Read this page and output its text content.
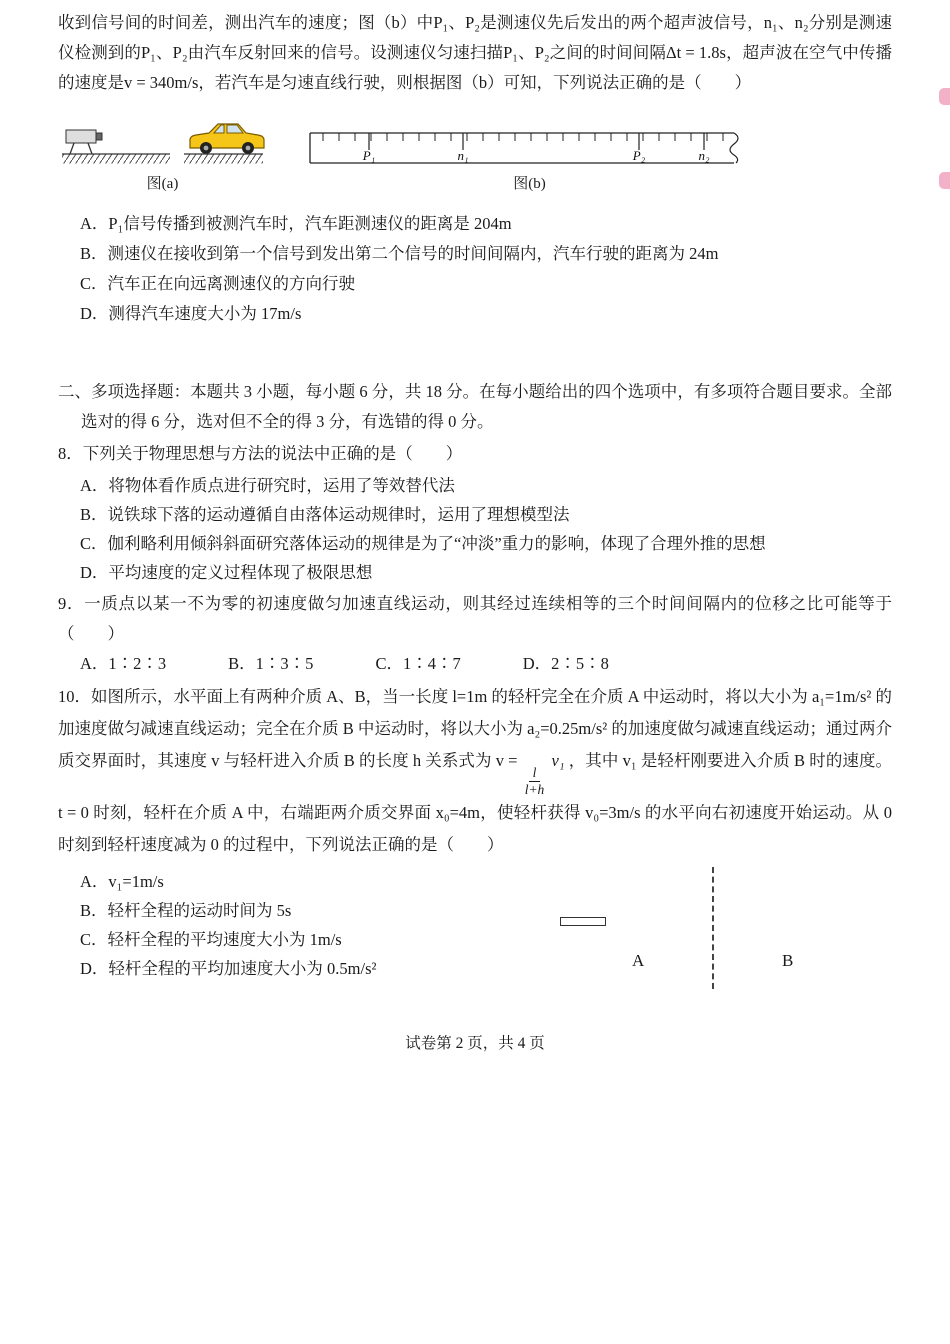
收到信号间的时间差，测出汽车的速度；图（b）中P₁、P₂是测速仪先后发出的两个超声波信号，n₁、n₂分别是测速仪检测到的P₁、P₂由汽车反射回来的信号。设测速仪匀速扫描P₁、P₂之间的时间间隔Δt = 1.8s，超声波在空气中传播的速度是v = 340m/s，若汽车是匀速直线行驶，则根据图（b）可知，下列说法正确的是（　　）

图(a)
P₁	n₁	P₂	n₂
图(b)

A．P₁信号传播到被测汽车时，汽车距测速仪的距离是 204m

B．测速仪在接收到第一个信号到发出第二个信号的时间间隔内，汽车行驶的距离为 24m

C．汽车正在向远离测速仪的方向行驶

D．测得汽车速度大小为 17m/s

二、多项选择题：本题共 3 小题，每小题 6 分，共 18 分。在每小题给出的四个选项中，有多项符合题目要求。全部选对的得 6 分，选对但不全的得 3 分，有选错的得 0 分。

8．下列关于物理思想与方法的说法中正确的是（　　）

A．将物体看作质点进行研究时，运用了等效替代法

B．说铁球下落的运动遵循自由落体运动规律时，运用了理想模型法

C．伽利略利用倾斜斜面研究落体运动的规律是为了“冲淡”重力的影响，体现了合理外推的思想

D．平均速度的定义过程体现了极限思想

9．一质点以某一不为零的初速度做匀加速直线运动，则其经过连续相等的三个时间间隔内的位移之比可能等于（　　）

A．1∶2∶3	B．1∶3∶5	C．1∶4∶7	D．2∶5∶8

10．如图所示，水平面上有两种介质 A、B，当一长度 l=1m 的轻杆完全在介质 A 中运动时，将以大小为 a₁=1m/s² 的加速度做匀减速直线运动；完全在介质 B 中运动时，将以大小为 a₂=0.25m/s² 的加速度做匀减速直线运动；通过两介质交界面时，其速度 v 与轻杆进入介质 B 的长度 h 关系式为 v =
$\frac{l}{l+h}$
v₁ ，其中 v₁ 是轻杆刚要进入介质 B 时的速度。t = 0 时刻，轻杆在介质 A 中，右端距两介质交界面 x₀=4m，使轻杆获得 v₀=3m/s 的水平向右初速度开始运动。从 0 时刻到轻杆速度减为 0 的过程中，下列说法正确的是（　　）

A．v₁=1m/s

B．轻杆全程的运动时间为 5s

C．轻杆全程的平均速度大小为 1m/s

D．轻杆全程的平均加速度大小为 0.5m/s²	A	B

试卷第 2 页，共 4 页
